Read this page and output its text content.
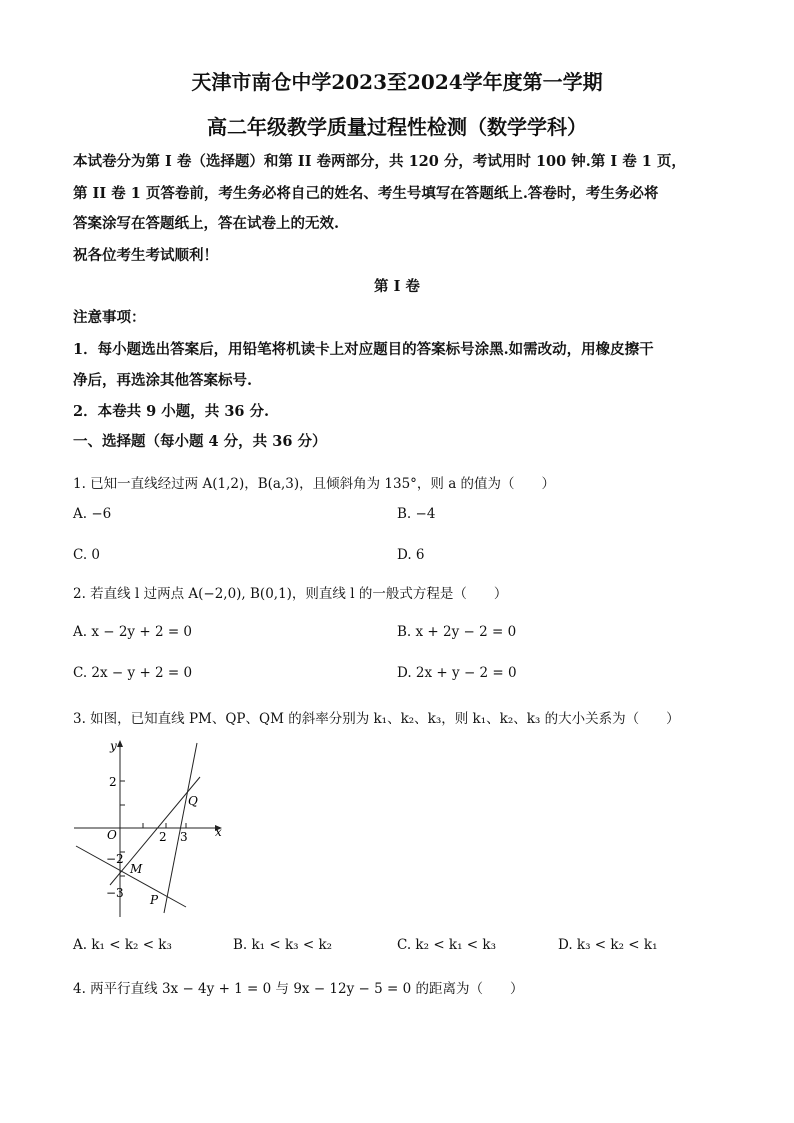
天津市南仓中学2023至2024学年度第一学期
高二年级教学质量过程性检测（数学学科）
本试卷分为第 I 卷（选择题）和第 II 卷两部分，共 120 分，考试用时 100 钟.第 I 卷 1 页，
第 II 卷 1 页答卷前，考生务必将自己的姓名、考生号填写在答题纸上.答卷时，考生务必将
答案涂写在答题纸上，答在试卷上的无效.
祝各位考生考试顺利！
第 I 卷
注意事项：
1．每小题选出答案后，用铅笔将机读卡上对应题目的答案标号涂黑.如需改动，用橡皮擦干
净后，再选涂其他答案标号.
2．本卷共 9 小题，共 36 分.
一、选择题（每小题 4 分，共 36 分）
1. 已知一直线经过两 A(1,2)，B(a,3)，且倾斜角为 135°，则 a 的值为（　　）
A. −6	B. −4
C. 0	D. 6
2. 若直线 l 过两点 A(−2,0), B(0,1)，则直线 l 的一般式方程是（　　）
A. x − 2y + 2 = 0	B. x + 2y − 2 = 0
C. 2x − y + 2 = 0	D. 2x + y − 2 = 0
3. 如图，已知直线 PM、QP、QM 的斜率分别为 k₁、k₂、k₃，则 k₁、k₂、k₃ 的大小关系为（　　）
y
x
O	2 3
2
−2
−3
M
P
Q
A. k₁ < k₂ < k₃	B. k₁ < k₃ < k₂	C. k₂ < k₁ < k₃	D. k₃ < k₂ < k₁
4. 两平行直线 3x − 4y + 1 = 0 与 9x − 12y − 5 = 0 的距离为（　　）
